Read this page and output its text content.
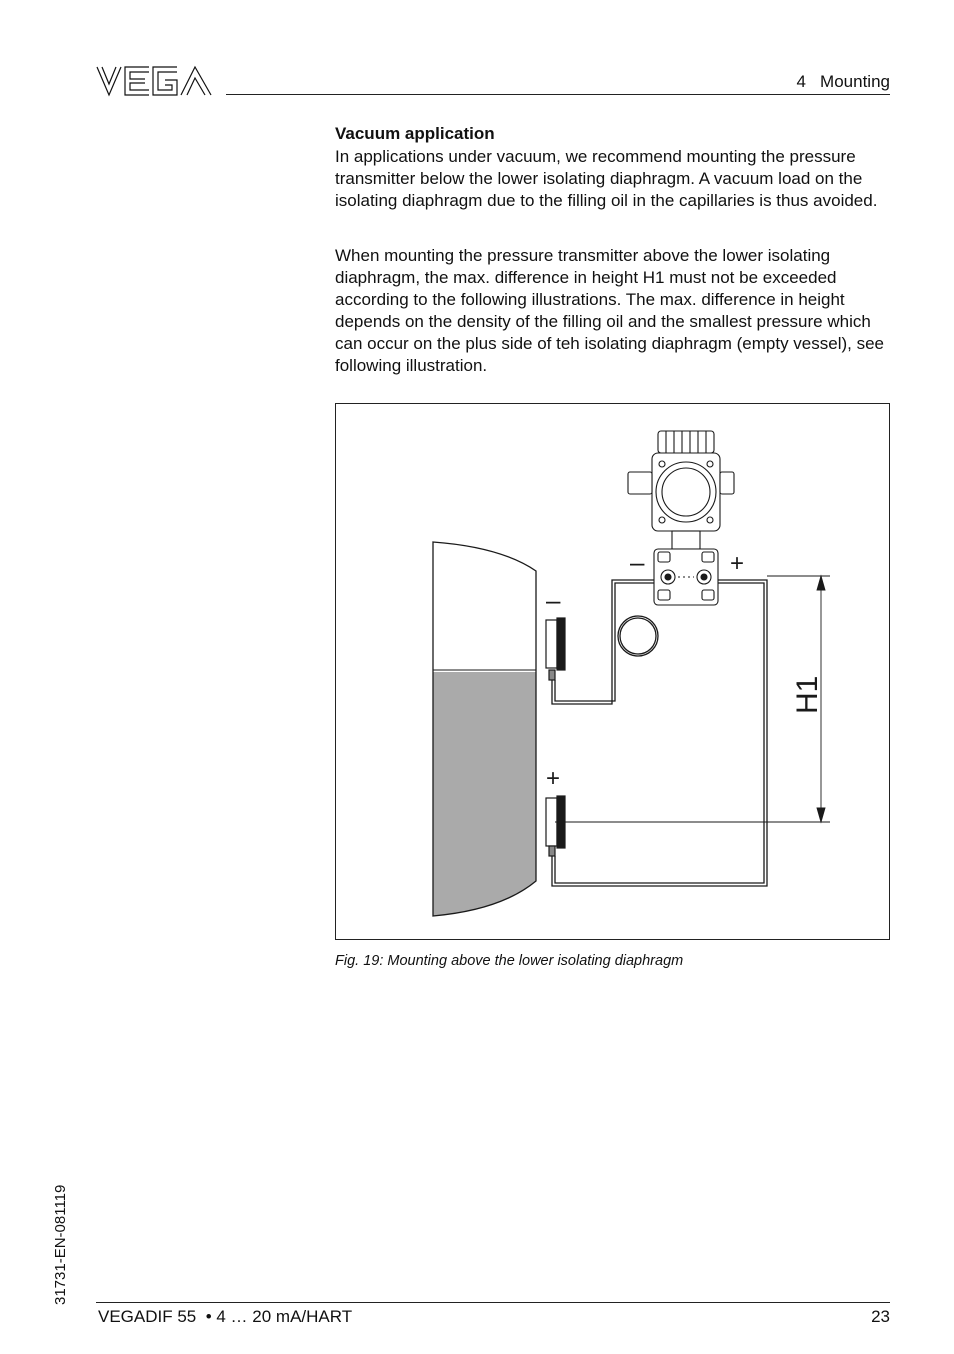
4   Mounting
Vacuum application

In applications under vacuum, we recommend mounting the pressure transmitter below the lower isolating diaphragm. A vacuum load on the isolating diaphragm due to the filling oil in the capillaries is thus avoided.

When mounting the pressure transmitter above the lower isolating diaphragm, the max. difference in height H1 must not be exceeded according to the following illustrations. The max. difference in height depends on the density of the filling oil and the smallest pressure which can occur on the plus side of teh isolating diaphragm (empty vessel), see following illustration.

–	+
–
+
H1
Fig. 19: Mounting above the lower isolating diaphragm
31731-EN-081119
VEGADIF 55  • 4 … 20 mA/HART	23
